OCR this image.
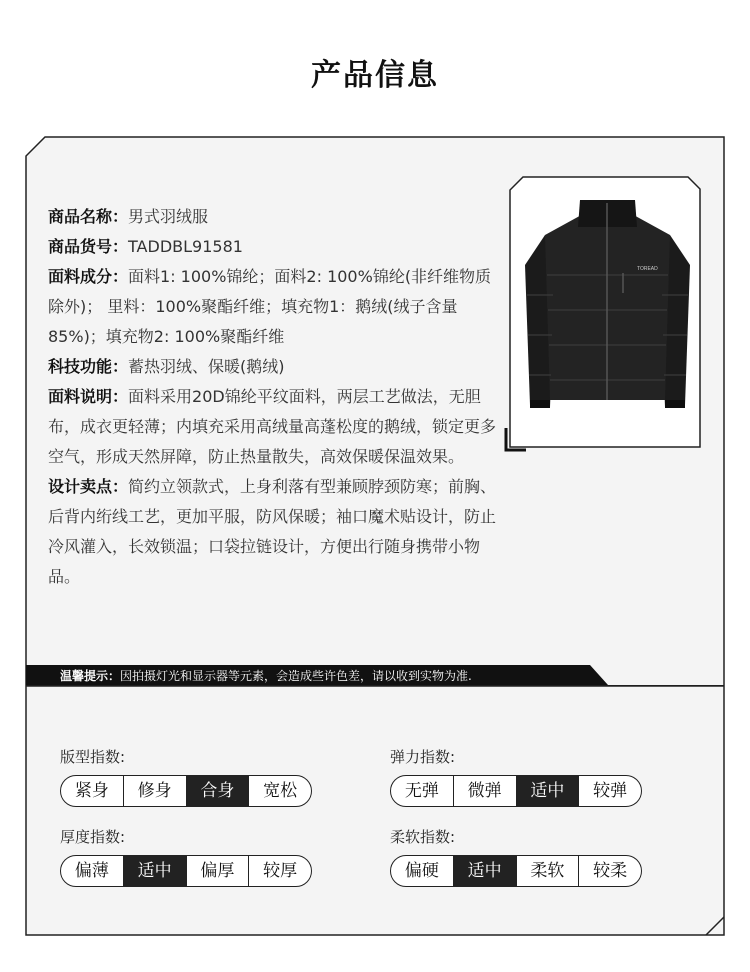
产品信息

商品名称：男式羽绒服

商品货号：TADDBL91581

面料成分：面料1: 100%锦纶；面料2: 100%锦纶(非纤维物质除外)； 里料：100%聚酯纤维；填充物1：鹅绒(绒子含量85%)；填充物2: 100%聚酯纤维

科技功能：蓄热羽绒、保暖(鹅绒)

面料说明：面料采用20D锦纶平纹面料，两层工艺做法，无胆布，成衣更轻薄；内填充采用高绒量高蓬松度的鹅绒，锁定更多空气，形成天然屏障，防止热量散失，高效保暖保温效果。

设计卖点：简约立领款式，上身利落有型兼顾脖颈防寒；前胸、后背内绗线工艺，更加平服，防风保暖；袖口魔术贴设计，防止冷风灌入，长效锁温；口袋拉链设计，方便出行随身携带小物品。

TOREAD
温馨提示：因拍摄灯光和显示器等元素，会造成些许色差，请以收到实物为准.
版型指数:
紧身	修身	合身	宽松
弹力指数:
无弹	微弹	适中	较弹
厚度指数:
偏薄	适中	偏厚	较厚
柔软指数:
偏硬	适中	柔软	较柔
